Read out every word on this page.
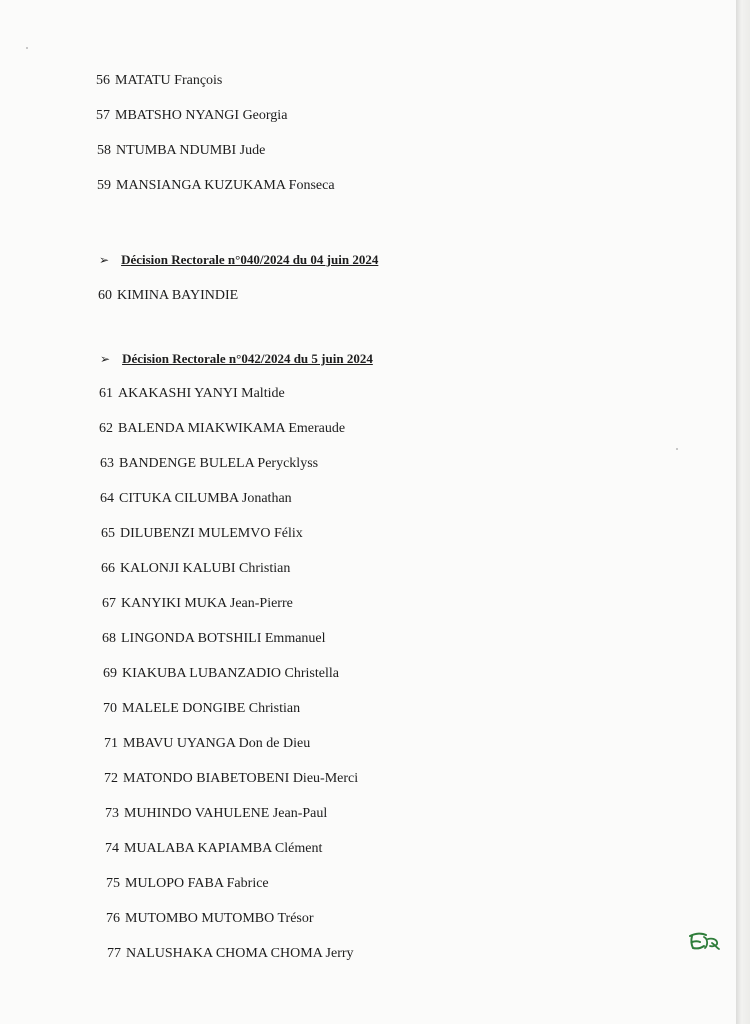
56 MATATU François
57 MBATSHO NYANGI Georgia
58 NTUMBA NDUMBI Jude
59 MANSIANGA KUZUKAMA Fonseca
➢ Décision Rectorale n°040/2024 du 04 juin 2024
60 KIMINA BAYINDIE
➢ Décision Rectorale n°042/2024 du 5 juin 2024
61 AKAKASHI YANYI Maltide
62 BALENDA MIAKWIKAMA Emeraude
63 BANDENGE BULELA Perycklyss
64 CITUKA CILUMBA Jonathan
65 DILUBENZI MULEMVO Félix
66 KALONJI KALUBI Christian
67 KANYIKI MUKA Jean-Pierre
68 LINGONDA BOTSHILI Emmanuel
69 KIAKUBA LUBANZADIO Christella
70 MALELE DONGIBE Christian
71 MBAVU UYANGA Don de Dieu
72 MATONDO BIABETOBENI Dieu-Merci
73 MUHINDO VAHULENE Jean-Paul
74 MUALABA KAPIAMBA Clément
75 MULOPO FABA Fabrice
76 MUTOMBO MUTOMBO Trésor
77 NALUSHAKA CHOMA CHOMA Jerry
